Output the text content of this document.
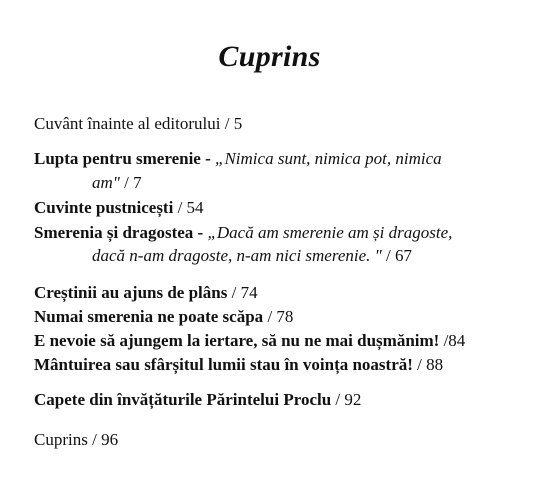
Cuprins
Cuvânt înainte al editorului / 5
Lupta pentru smerenie - „Nimica sunt, nimica pot, nimica
am" / 7
Cuvinte pustnicești / 54
Smerenia și dragostea - „Dacă am smerenie am și dragoste,
dacă n-am dragoste, n-am nici smerenie. " / 67
Creștinii au ajuns de plâns / 74
Numai smerenia ne poate scăpa / 78
E nevoie să ajungem la iertare, să nu ne mai dușmănim! /84
Mântuirea sau sfârșitul lumii stau în voința noastră! / 88
Capete din învățăturile Părintelui Proclu / 92
Cuprins / 96
